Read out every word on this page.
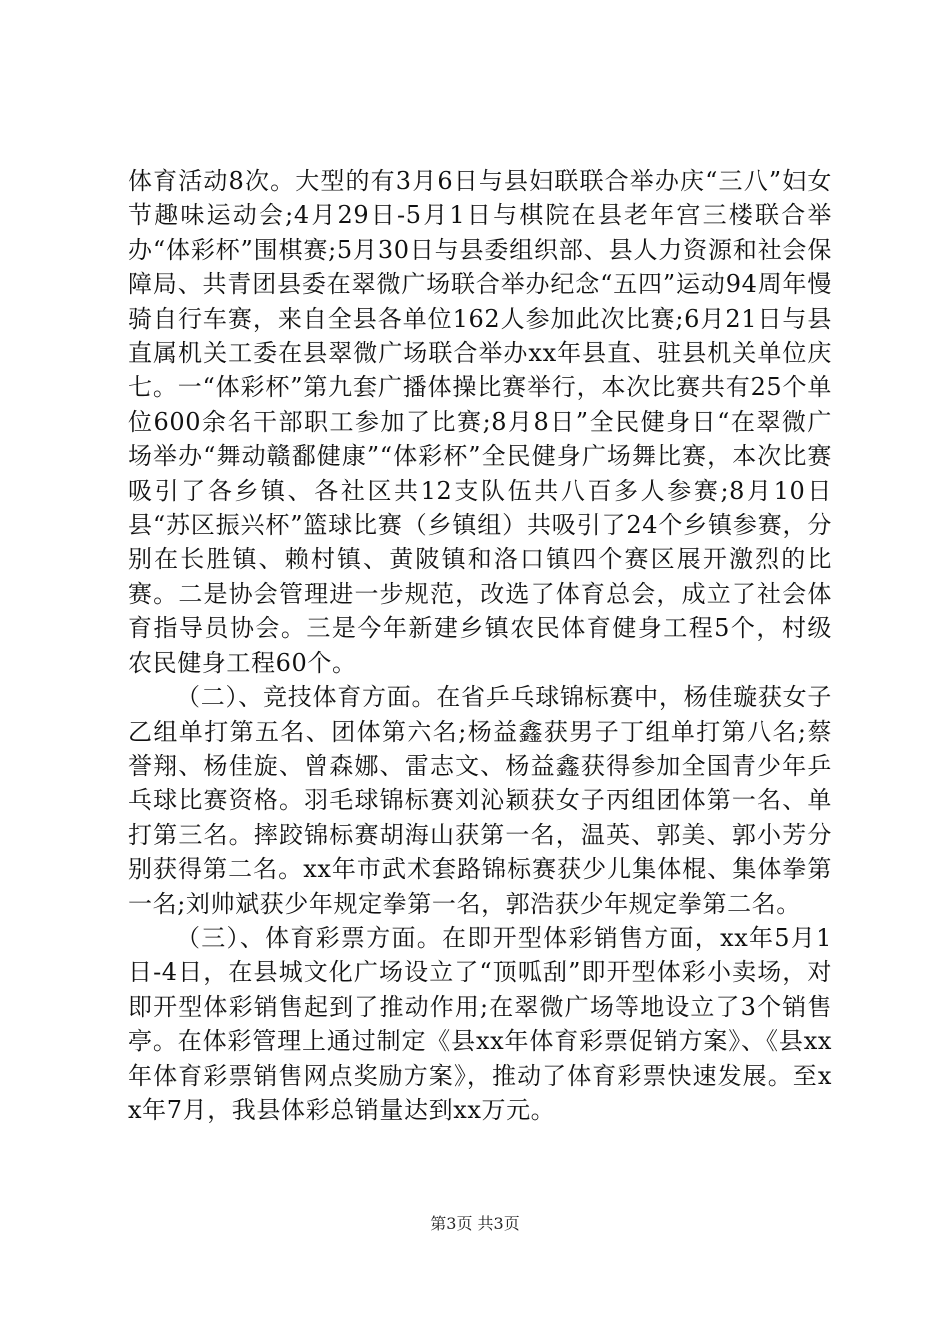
体育活动8次。大型的有3月6日与县妇联联合举办庆“三八”妇女节趣味运动会;4月29日-5月1日与棋院在县老年宫三楼联合举办“体彩杯”围棋赛;5月30日与县委组织部、县人力资源和社会保障局、共青团县委在翠微广场联合举办纪念“五四”运动94周年慢骑自行车赛，来自全县各单位162人参加此次比赛;6月21日与县直属机关工委在县翠微广场联合举办xx年县直、驻县机关单位庆七。一“体彩杯”第九套广播体操比赛举行，本次比赛共有25个单位600余名干部职工参加了比赛;8月8日”全民健身日“在翠微广场举办“舞动赣鄱健康”“体彩杯”全民健身广场舞比赛，本次比赛吸引了各乡镇、各社区共12支队伍共八百多人参赛;8月10日县“苏区振兴杯”篮球比赛（乡镇组）共吸引了24个乡镇参赛，分别在长胜镇、赖村镇、黄陂镇和洛口镇四个赛区展开激烈的比赛。二是协会管理进一步规范，改选了体育总会，成立了社会体育指导员协会。三是今年新建乡镇农民体育健身工程5个，村级农民健身工程60个。

（二）、竞技体育方面。在省乒乓球锦标赛中，杨佳璇获女子乙组单打第五名、团体第六名;杨益鑫获男子丁组单打第八名;蔡誉翔、杨佳旋、曾森娜、雷志文、杨益鑫获得参加全国青少年乒乓球比赛资格。羽毛球锦标赛刘沁颖获女子丙组团体第一名、单打第三名。摔跤锦标赛胡海山获第一名，温英、郭美、郭小芳分别获得第二名。xx年市武术套路锦标赛获少儿集体棍、集体拳第一名;刘帅斌获少年规定拳第一名，郭浩获少年规定拳第二名。

（三）、体育彩票方面。在即开型体彩销售方面，xx年5月1日-4日，在县城文化广场设立了“顶呱刮”即开型体彩小卖场，对即开型体彩销售起到了推动作用;在翠微广场等地设立了3个销售亭。在体彩管理上通过制定《县xx年体育彩票促销方案》、《县xx年体育彩票销售网点奖励方案》，推动了体育彩票快速发展。至xx年7月，我县体彩总销量达到xx万元。

第3页 共3页
